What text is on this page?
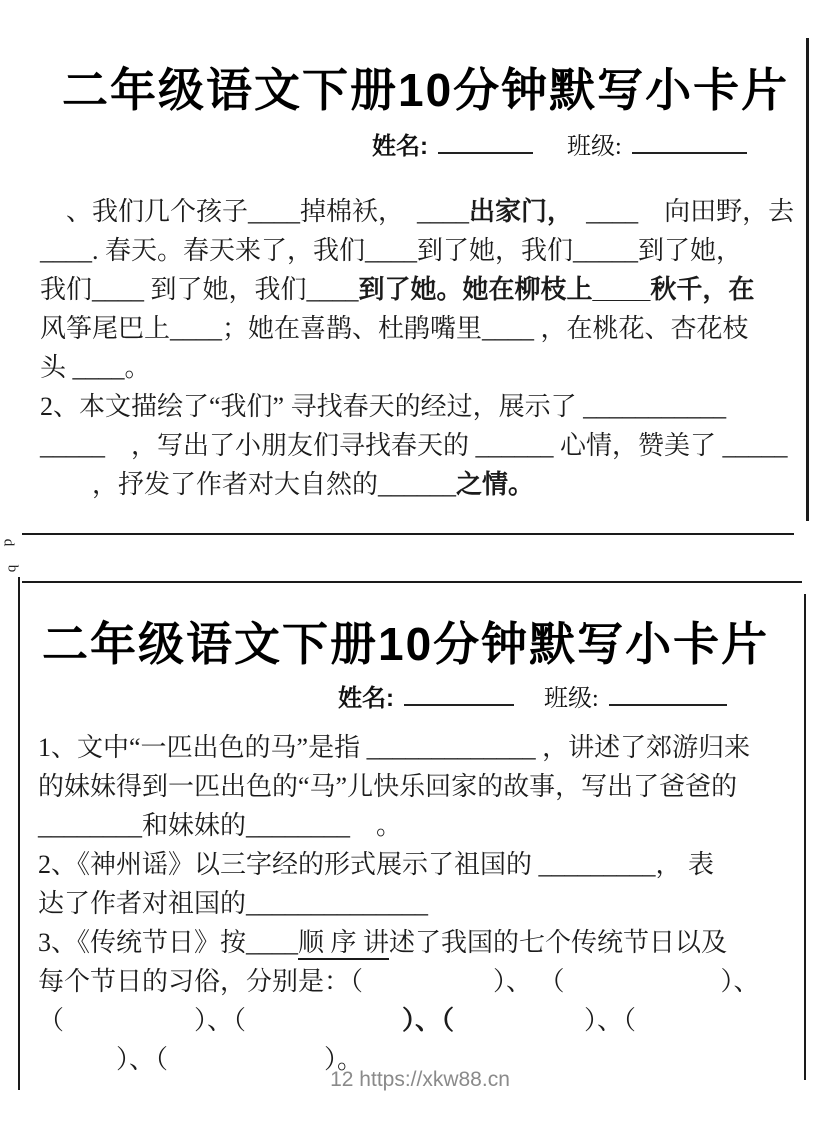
二年级语文下册10分钟默写小卡片
姓名:	班级:
　、我们几个孩子____掉棉袄，　____出家门，　 ____　向田野，去
____. 春天。春天来了，我们____到了她，我们_____到了她，
我们____ 到了她，我们____到了她。她在柳枝上____秋千，在
风筝尾巴上____；她在喜鹊、杜鹃嘴里____ ，在桃花、杏花枝
头 ____。
2、本文描绘了“我们” 寻找春天的经过，展示了 ___________
_____　，写出了小朋友们寻找春天的 ______ 心情，赞美了 _____
　　，抒发了作者对大自然的______之情。
d
b
二年级语文下册10分钟默写小卡片
姓名:	班级:
1、文中“一匹出色的马”是指 _____________ ，讲述了郊游归来
的妹妹得到一匹出色的“马”儿快乐回家的故事，写出了爸爸的
________和妹妹的________　。
2、《神州谣》以三字经的形式展示了祖国的 _________， 表
达了作者对祖国的______________
3、《传统节日》按____顺 序 讲述了我国的七个传统节日以及
每个节日的习俗，分别是：（　　　　　）、 （　　　　　　）、
（　　　　　）、（　　　　　　）、（　　　　　）、（
　　　）、（　　　　　　）。
12 https://xkw88.cn
